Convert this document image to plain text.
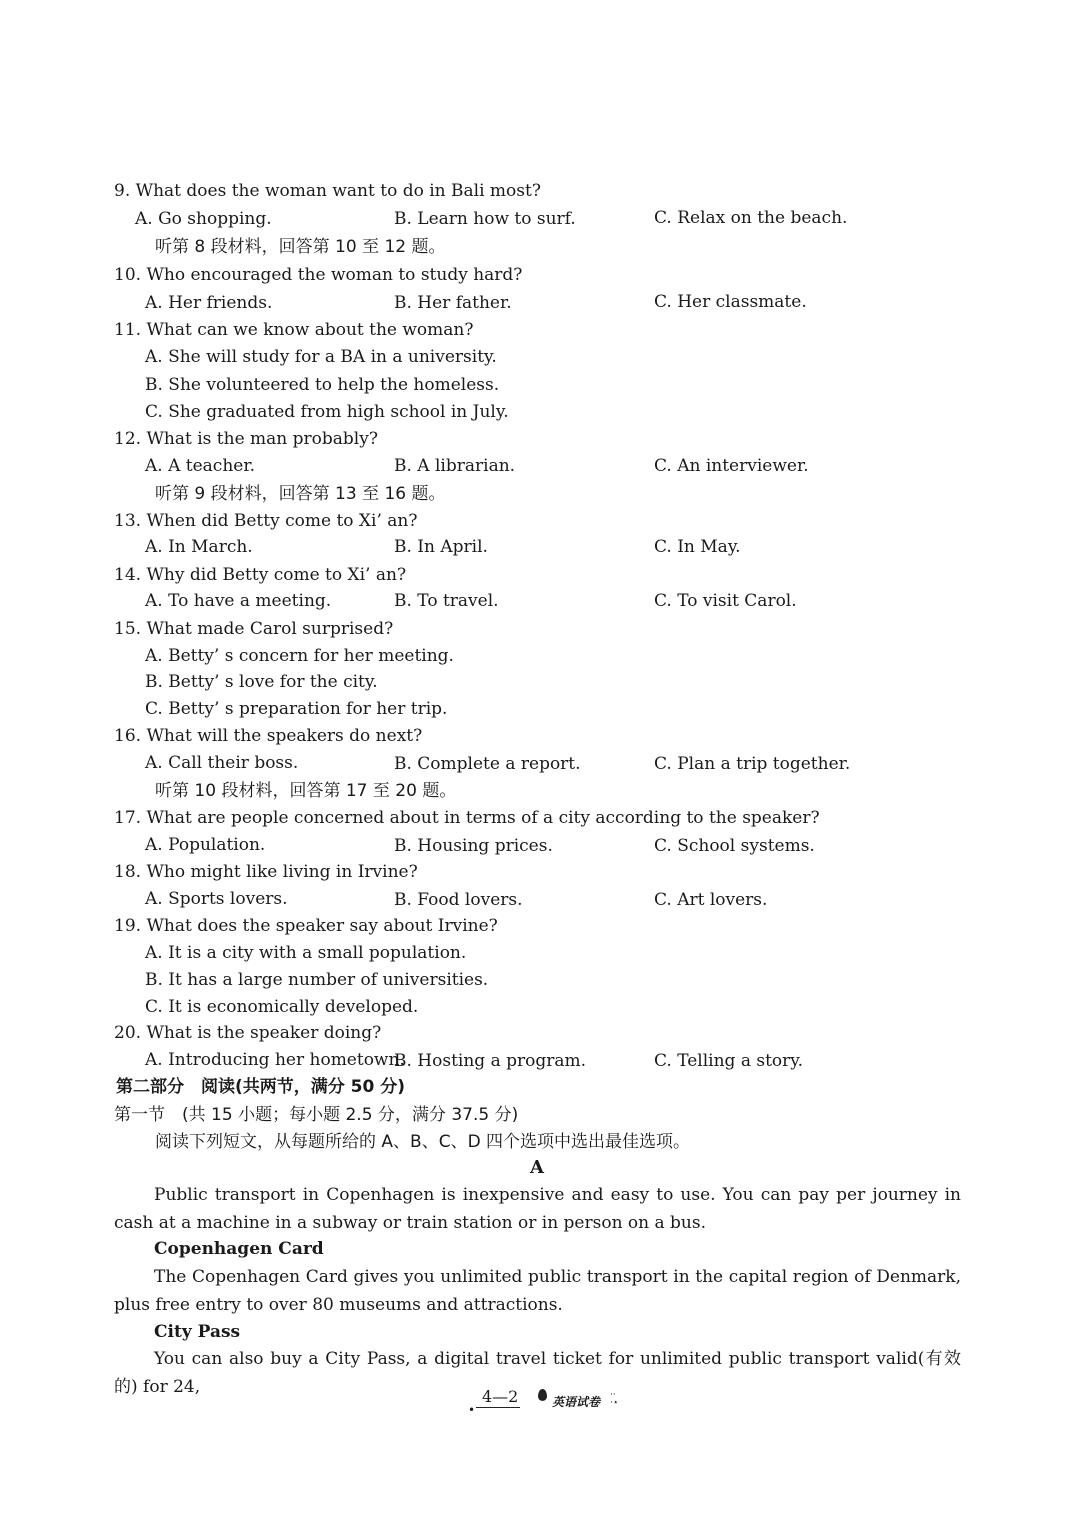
9. What does the woman want to do in Bali most?
A. Go shopping.	B. Learn how to surf.	C. Relax on the beach.
听第 8 段材料，回答第 10 至 12 题。
10. Who encouraged the woman to study hard?
A. Her friends.	B. Her father.	C. Her classmate.
11. What can we know about the woman?
A. She will study for a BA in a university.
B. She volunteered to help the homeless.
C. She graduated from high school in July.
12. What is the man probably?
A. A teacher.	B. A librarian.	C. An interviewer.
听第 9 段材料，回答第 13 至 16 题。
13. When did Betty come to Xi’ an?
A. In March.	B. In April.	C. In May.
14. Why did Betty come to Xi’ an?
A. To have a meeting.	B. To travel.	C. To visit Carol.
15. What made Carol surprised?
A. Betty’ s concern for her meeting.
B. Betty’ s love for the city.
C. Betty’ s preparation for her trip.
16. What will the speakers do next?
A. Call their boss.	B. Complete a report.	C. Plan a trip together.
听第 10 段材料，回答第 17 至 20 题。
17. What are people concerned about in terms of a city according to the speaker?
A. Population.	B. Housing prices.	C. School systems.
18. Who might like living in Irvine?
A. Sports lovers.	B. Food lovers.	C. Art lovers.
19. What does the speaker say about Irvine?
A. It is a city with a small population.
B. It has a large number of universities.
C. It is economically developed.
20. What is the speaker doing?
A. Introducing her hometown.
B. Hosting a program.	C. Telling a story.
第二部分　阅读(共两节，满分 50 分)
第一节　(共 15 小题；每小题 2.5 分，满分 37.5 分)
阅读下列短文，从每题所给的 A、B、C、D 四个选项中选出最佳选项。
A

Public transport in Copenhagen is inexpensive and easy to use. You can pay per journey in cash at a machine in a subway or train station or in person on a bus.

Copenhagen Card

The Copenhagen Card gives you unlimited public transport in the capital region of Denmark, plus free entry to over 80 museums and attractions.

City Pass

You can also buy a City Pass, a digital travel ticket for unlimited public transport valid(有效的) for 24,

•
4—2	英语试卷 ··
·⋆
